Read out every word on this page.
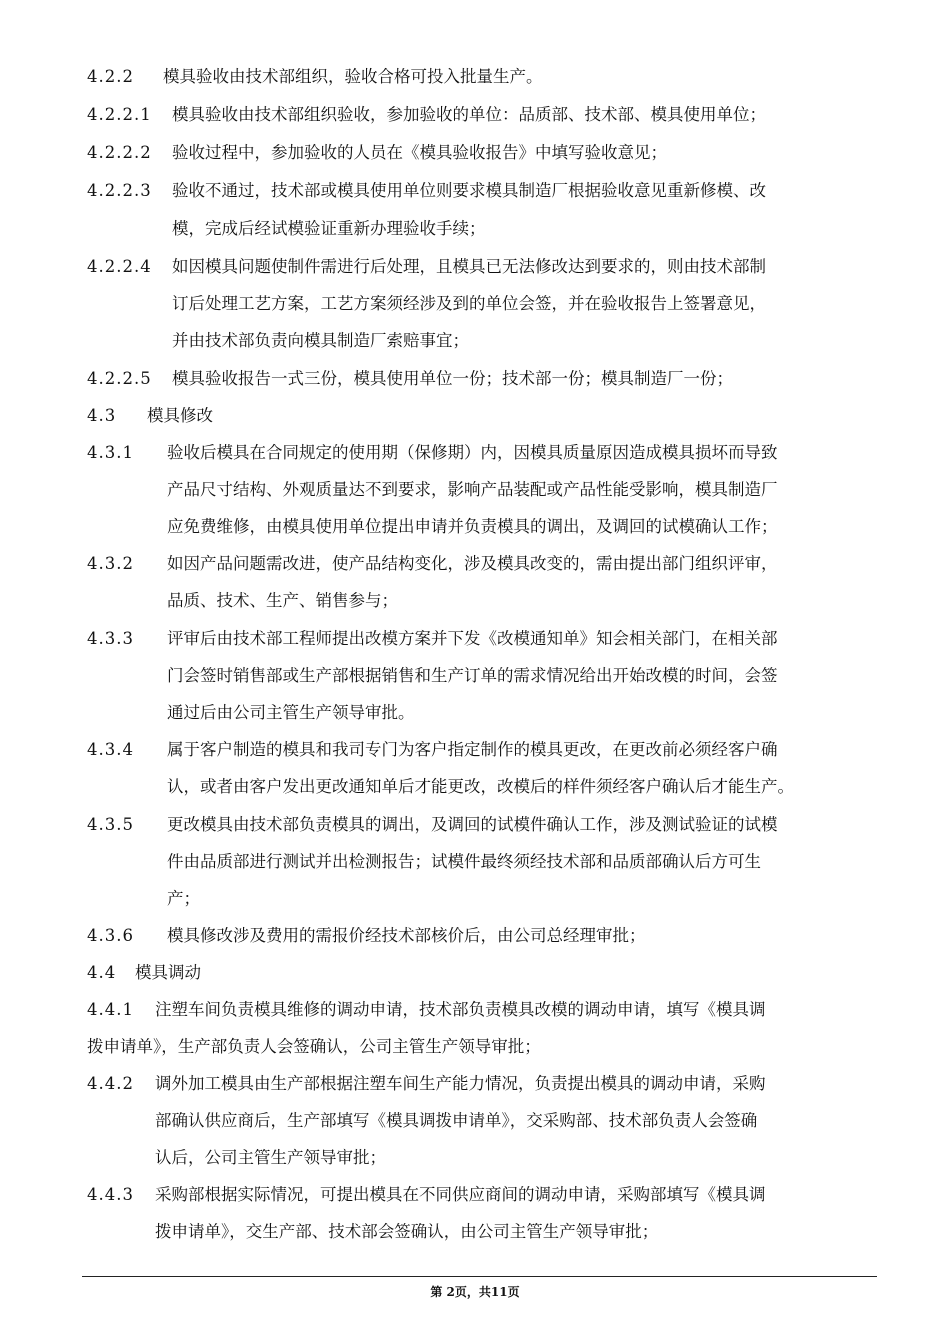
4.2.2 模具验收由技术部组织，验收合格可投入批量生产。
4.2.2.1 模具验收由技术部组织验收，参加验收的单位：品质部、技术部、模具使用单位；
4.2.2.2 验收过程中，参加验收的人员在《模具验收报告》中填写验收意见；
4.2.2.3 验收不通过，技术部或模具使用单位则要求模具制造厂根据验收意见重新修模、改
模，完成后经试模验证重新办理验收手续；
4.2.2.4 如因模具问题使制件需进行后处理，且模具已无法修改达到要求的，则由技术部制
订后处理工艺方案，工艺方案须经涉及到的单位会签，并在验收报告上签署意见，
并由技术部负责向模具制造厂索赔事宜；
4.2.2.5 模具验收报告一式三份，模具使用单位一份；技术部一份；模具制造厂一份；
4.3 模具修改
4.3.1 验收后模具在合同规定的使用期（保修期）内，因模具质量原因造成模具损坏而导致
产品尺寸结构、外观质量达不到要求，影响产品装配或产品性能受影响，模具制造厂
应免费维修，由模具使用单位提出申请并负责模具的调出，及调回的试模确认工作；
4.3.2 如因产品问题需改进，使产品结构变化，涉及模具改变的，需由提出部门组织评审，
品质、技术、生产、销售参与；
4.3.3 评审后由技术部工程师提出改模方案并下发《改模通知单》知会相关部门，在相关部
门会签时销售部或生产部根据销售和生产订单的需求情况给出开始改模的时间，会签
通过后由公司主管生产领导审批。
4.3.4 属于客户制造的模具和我司专门为客户指定制作的模具更改，在更改前必须经客户确
认，或者由客户发出更改通知单后才能更改，改模后的样件须经客户确认后才能生产。
4.3.5 更改模具由技术部负责模具的调出，及调回的试模件确认工作，涉及测试验证的试模
件由品质部进行测试并出检测报告；试模件最终须经技术部和品质部确认后方可生
产；
4.3.6 模具修改涉及费用的需报价经技术部核价后，由公司总经理审批；
4.4 模具调动
4.4.1 注塑车间负责模具维修的调动申请，技术部负责模具改模的调动申请，填写《模具调
拨申请单》，生产部负责人会签确认，公司主管生产领导审批；
4.4.2 调外加工模具由生产部根据注塑车间生产能力情况，负责提出模具的调动申请，采购
部确认供应商后，生产部填写《模具调拨申请单》，交采购部、技术部负责人会签确
认后，公司主管生产领导审批；
4.4.3 采购部根据实际情况，可提出模具在不同供应商间的调动申请，采购部填写《模具调
拨申请单》，交生产部、技术部会签确认，由公司主管生产领导审批；
第 2页，共11页
